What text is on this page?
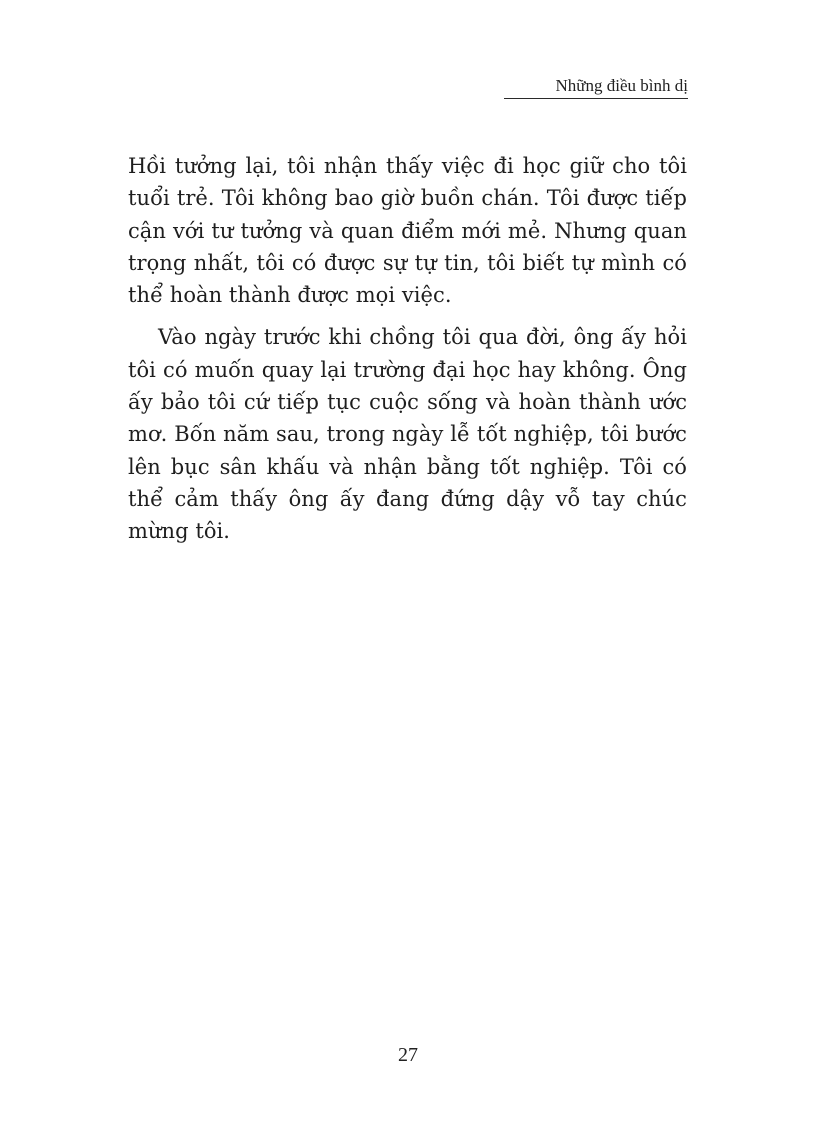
Những điều bình dị

Hồi tưởng lại, tôi nhận thấy việc đi học giữ cho tôi tuổi trẻ. Tôi không bao giờ buồn chán. Tôi được tiếp cận với tư tưởng và quan điểm mới mẻ. Nhưng quan trọng nhất, tôi có được sự tự tin, tôi biết tự mình có thể hoàn thành được mọi việc.

Vào ngày trước khi chồng tôi qua đời, ông ấy hỏi tôi có muốn quay lại trường đại học hay không. Ông ấy bảo tôi cứ tiếp tục cuộc sống và hoàn thành ước mơ. Bốn năm sau, trong ngày lễ tốt nghiệp, tôi bước lên bục sân khấu và nhận bằng tốt nghiệp. Tôi có thể cảm thấy ông ấy đang đứng dậy vỗ tay chúc mừng tôi.

27
